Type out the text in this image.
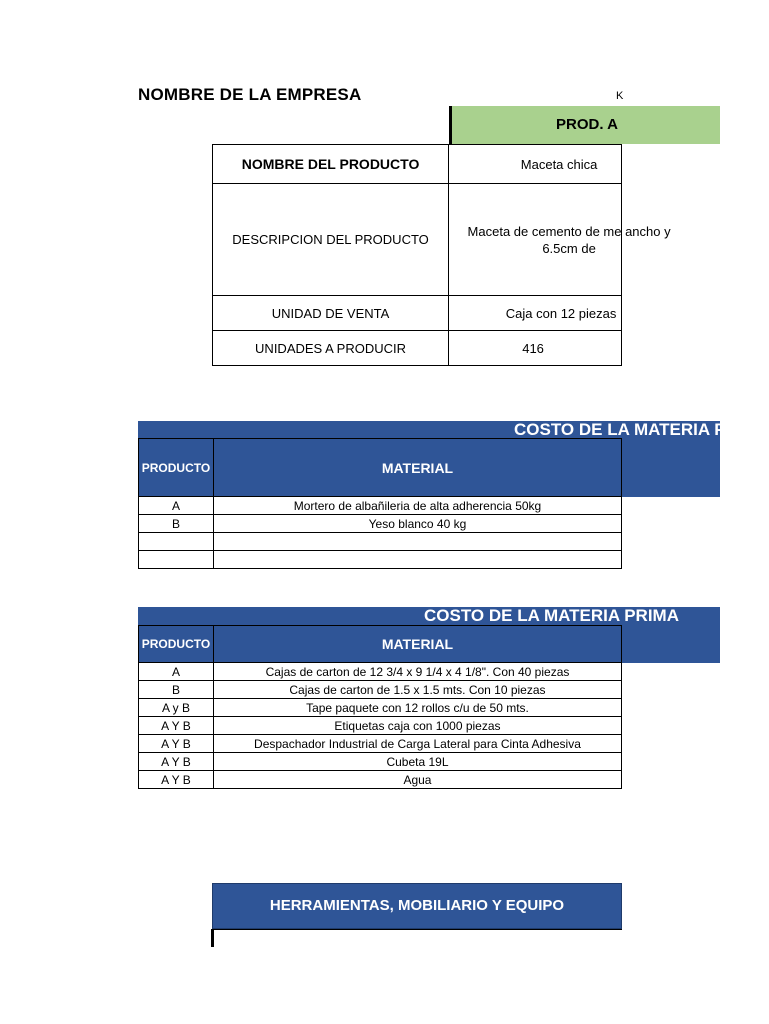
NOMBRE DE LA EMPRESA	K
PROD. A
NOMBRE DEL PRODUCTO	Maceta chica

DESCRIPCION DEL PRODUCTO	Maceta de cemento de me ancho y 6.5cm de

UNIDAD DE VENTA	Caja con 12 piezas

UNIDADES A PRODUCIR	416
COSTO DE LA MATERIA PRIMA
PRODUCTO	MATERIAL
A	Mortero de albañileria de alta adherencia 50kg
B	Yeso blanco 40 kg

COSTO DE LA MATERIA PRIMA
PRODUCTO	MATERIAL
A	Cajas de carton de 12 3/4 x 9 1/4 x 4 1/8". Con 40 piezas
B	Cajas de carton de 1.5 x 1.5 mts. Con 10 piezas
A y B	Tape paquete con 12 rollos c/u de 50 mts.
A Y B	Etiquetas caja con 1000 piezas
A Y B	Despachador Industrial de Carga Lateral para Cinta Adhesiva
A Y B	Cubeta 19L
A Y B	Agua
HERRAMIENTAS, MOBILIARIO Y EQUIPO
